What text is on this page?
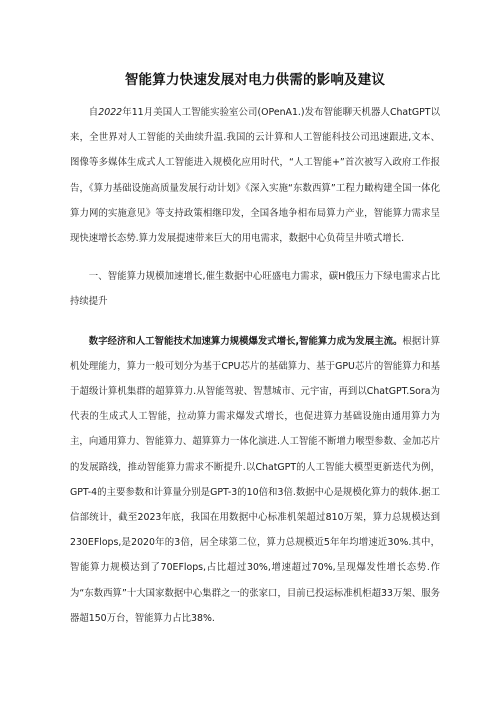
智能算力快速发展对电力供需的影响及建议

自2022年11月美国人工智能实验室公司(OPenA1.)发布智能聊天机器人ChatGPT以来，全世界对人工智能的关曲续升温.我国的云计算和人工智能科技公司迅速跟进,文本、图像等多媒体生成式人工智能进入规模化应用时代，“人工智能+”首次被写入政府工作报告，《算力基础设施高质量发展行动计划》《深入实施“东数西算”工程力瞰构建全国一体化算力网的实施意见》等支持政策相继印发，全国各地争相布局算力产业，智能算力需求呈现快速增长态势.算力发展提速带来巨大的用电需求，数据中心负荷呈井喷式增长.

一、智能算力规模加速增长,催生数据中心旺盛电力需求，碳H俄压力下绿电需求占比持续提升

数字经济和人工智能技术加速算力规模爆发式增长,智能算力成为发展主流。根据计算机处理能力，算力一般可划分为基于CPU芯片的基础算力、基于GPU芯片的智能算力和基于超级计算机集群的超算算力.从智能驾驶、智慧城市、元宇宙，再到以ChatGPT.Sora为代表的生成式人工智能，拉动算力需求爆发式增长，也促进算力基础设施由通用算力为主，向通用算力、智能算力、超算算力一体化演进.人工智能不断增力喉型参数、金加芯片的发展路线，推动智能算力需求不断提升.以ChatGPT的人工智能大模型更新迭代为例，GPT-4的主要参数和计算量分别是GPT-3的10倍和3倍.数据中心是规模化算力的载体.据工信部统计，截至2023年底，我国在用数据中心标准机架超过810万架，算力总规模达到230EFlops,是2020年的3倍，居全球第二位，算力总规模近5年年均增速近30%.其中，智能算力规模达到了70EFlops,占比超过30%,增速超过70%,呈现爆发性增长态势.作为“东数西算”十大国家数据中心集群之一的张家口，目前已投运标准机柜超33万架、服务器超150万台，智能算力占比38%.
